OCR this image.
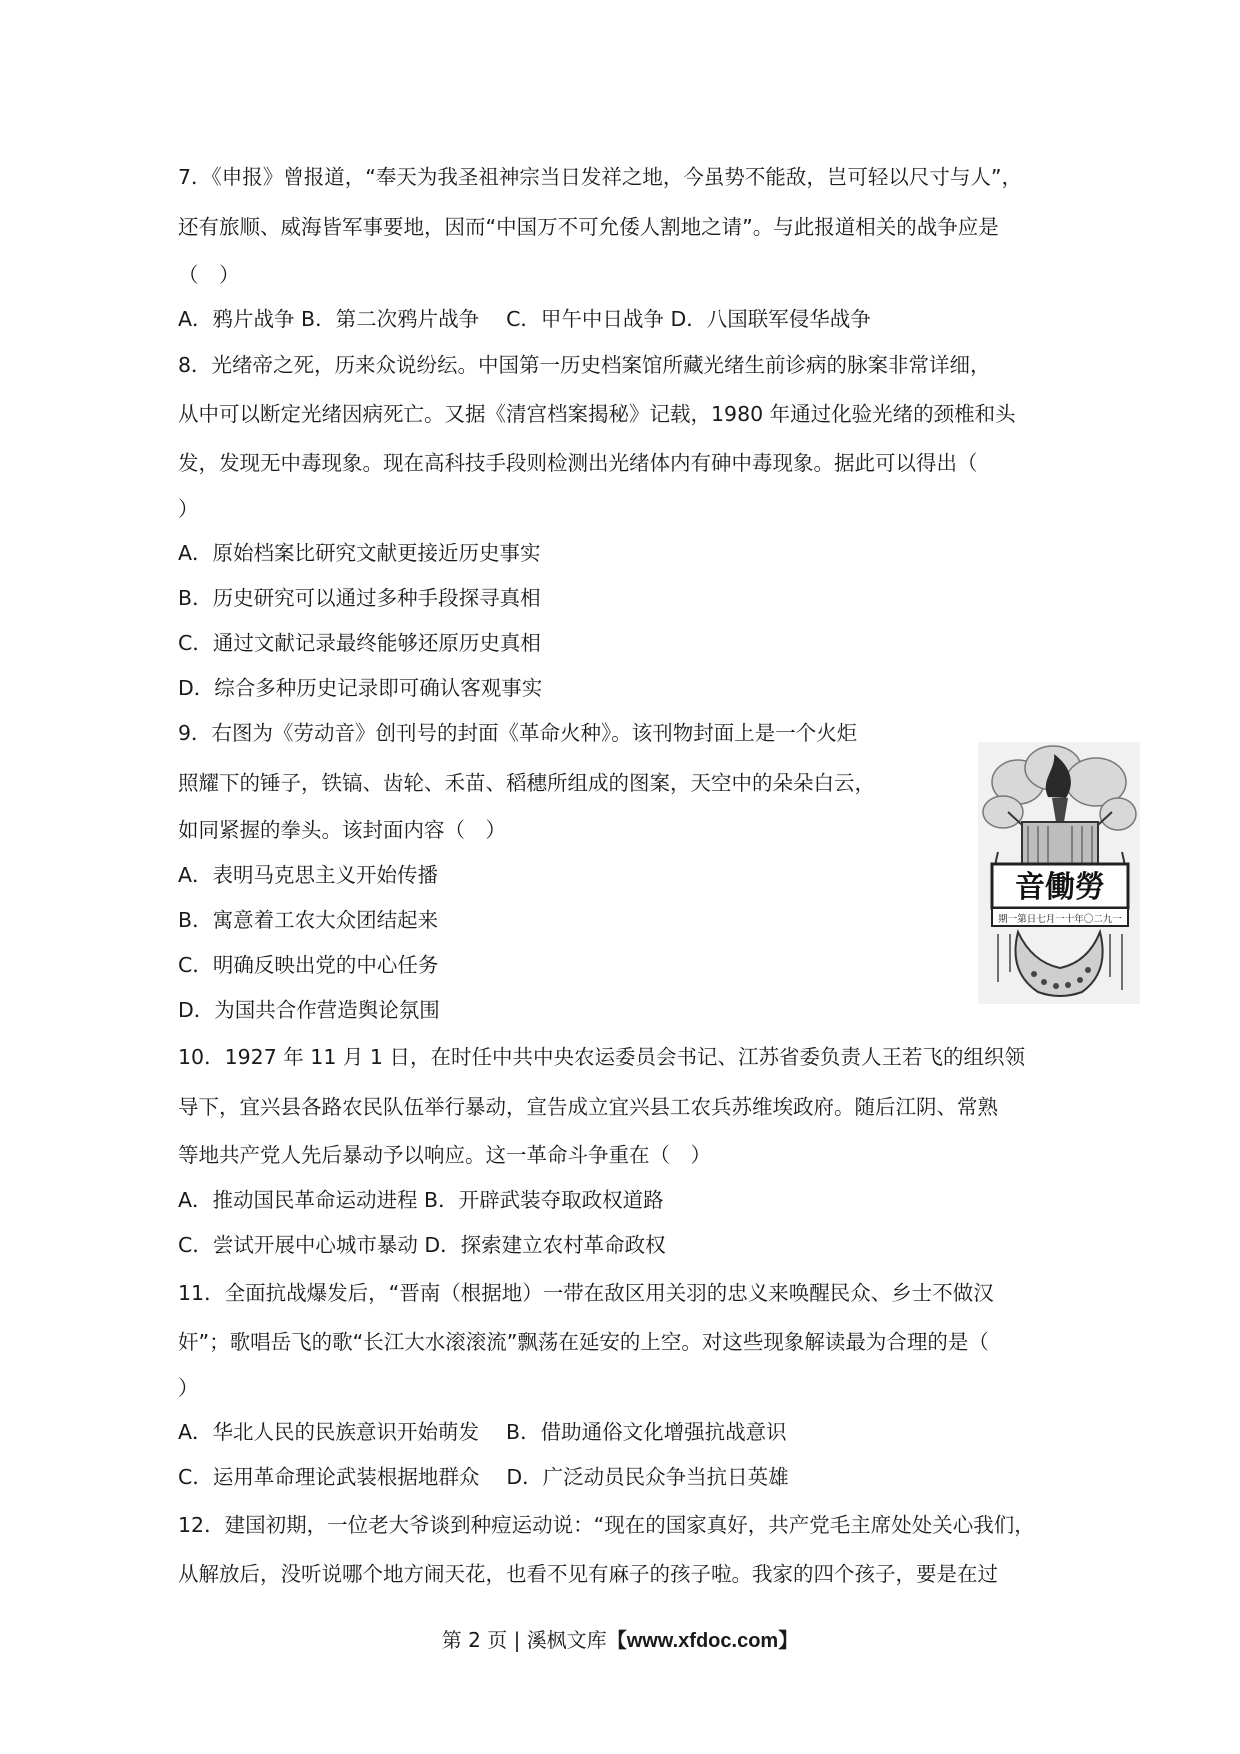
7．《申报》曾报道，“奉天为我圣祖神宗当日发祥之地，今虽势不能敌，岂可轻以尺寸与人”，
还有旅顺、威海皆军事要地，因而“中国万不可允倭人割地之请”。与此报道相关的战争应是
（　）
A．鸦片战争 B．第二次鸦片战争　 C．甲午中日战争 D．八国联军侵华战争
8．光绪帝之死，历来众说纷纭。中国第一历史档案馆所藏光绪生前诊病的脉案非常详细，
从中可以断定光绪因病死亡。又据《清宫档案揭秘》记载，1980 年通过化验光绪的颈椎和头
发，发现无中毒现象。现在高科技手段则检测出光绪体内有砷中毒现象。据此可以得出（
）
A．原始档案比研究文献更接近历史事实
B．历史研究可以通过多种手段探寻真相
C．通过文献记录最终能够还原历史真相
D．综合多种历史记录即可确认客观事实
9．右图为《劳动音》创刊号的封面《革命火种》。该刊物封面上是一个火炬
照耀下的锤子，铁镐、齿轮、禾苗、稻穗所组成的图案，天空中的朵朵白云，
如同紧握的拳头。该封面内容（　）
A．表明马克思主义开始传播
B．寓意着工农大众团结起来
C．明确反映出党的中心任务
D．为国共合作营造舆论氛围
10．1927 年 11 月 1 日，在时任中共中央农运委员会书记、江苏省委负责人王若飞的组织领
导下，宜兴县各路农民队伍举行暴动，宣告成立宜兴县工农兵苏维埃政府。随后江阴、常熟
等地共产党人先后暴动予以响应。这一革命斗争重在（　）
A．推动国民革命运动进程 B．开辟武装夺取政权道路
C．尝试开展中心城市暴动 D．探索建立农村革命政权
11．全面抗战爆发后，“晋南（根据地）一带在敌区用关羽的忠义来唤醒民众、乡士不做汉
奸”；歌唱岳飞的歌“长江大水滚滚流”飘荡在延安的上空。对这些现象解读最为合理的是（
）
A．华北人民的民族意识开始萌发　 B．借助通俗文化增强抗战意识
C．运用革命理论武装根据地群众　 D．广泛动员民众争当抗日英雄
12．建国初期，一位老大爷谈到种痘运动说：“现在的国家真好，共产党毛主席处处关心我们，
从解放后，没听说哪个地方闹天花，也看不见有麻子的孩子啦。我家的四个孩子，要是在过
音働勞
期一第日七月一十年〇二九一
第 2 页 | 溪枫文库【www.xfdoc.com】
